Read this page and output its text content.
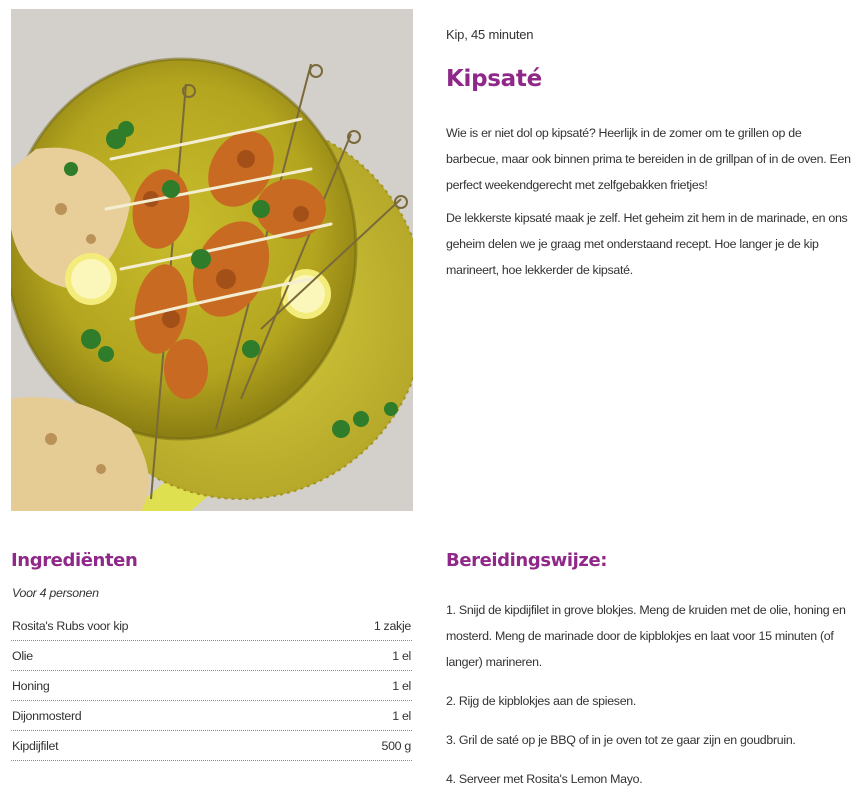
Kip, 45 minuten
Kipsaté

Wie is er niet dol op kipsaté? Heerlijk in de zomer om te grillen op de barbecue, maar ook binnen prima te bereiden in de grillpan of in de oven. Een perfect weekendgerecht met zelfgebakken frietjes!

De lekkerste kipsaté maak je zelf. Het geheim zit hem in de marinade, en ons geheim delen we je graag met onderstaand recept. Hoe langer je de kip marineert, hoe lekkerder de kipsaté.

Ingrediënten
Voor 4 personen
Rosita's Rubs voor kip	1 zakje
Olie	1 el
Honing	1 el
Dijonmosterd	1 el
Kipdijfilet	500 g
Bereidingswijze:

1. Snijd de kipdijfilet in grove blokjes. Meng de kruiden met de olie, honing en mosterd. Meng de marinade door de kipblokjes en laat voor 15 minuten (of langer) marineren.

2. Rijg de kipblokjes aan de spiesen.

3. Gril de saté op je BBQ of in je oven tot ze gaar zijn en goudbruin.

4. Serveer met Rosita's Lemon Mayo.
